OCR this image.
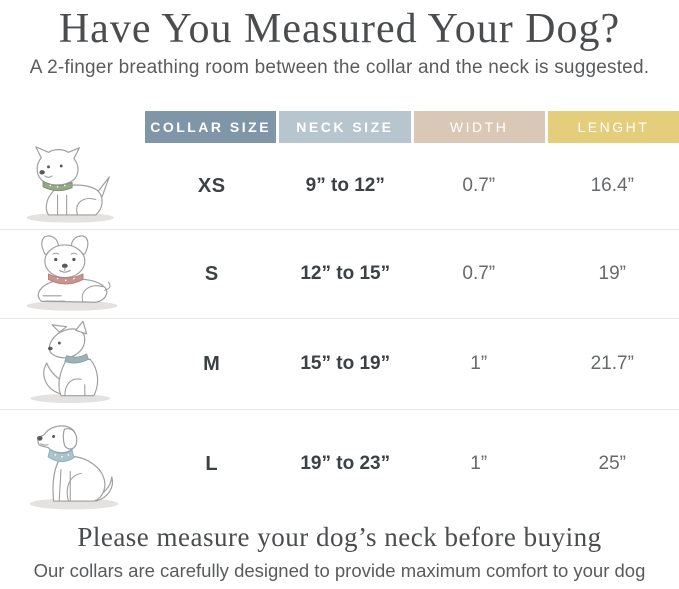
Have You Measured Your Dog?
A 2-finger breathing room between the collar and the neck is suggested.
COLLAR SIZE	NECK SIZE	WIDTH	LENGHT
XS	9” to 12”	0.7”	16.4”
S	12” to 15”	0.7”	19”
M	15” to 19”	1”	21.7”
L	19” to 23”	1”	25”
Please measure your dog’s neck before buying
Our collars are carefully designed to provide maximum comfort to your dog
